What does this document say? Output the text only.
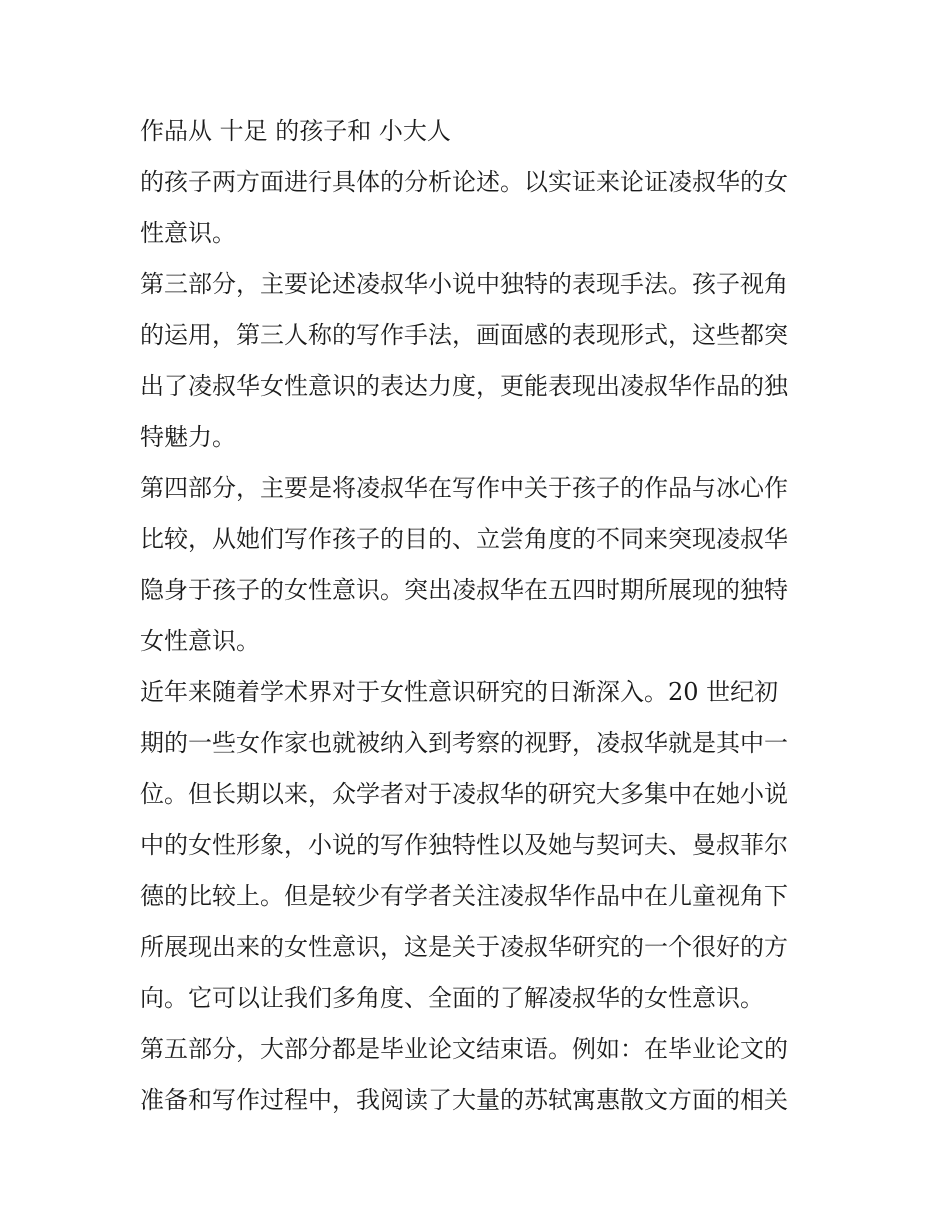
作品从 十足 的孩子和 小大人
的孩子两方面进行具体的分析论述。以实证来论证凌叔华的女
性意识。
第三部分，主要论述凌叔华小说中独特的表现手法。孩子视角
的运用，第三人称的写作手法，画面感的表现形式，这些都突
出了凌叔华女性意识的表达力度，更能表现出凌叔华作品的独
特魅力。
第四部分，主要是将凌叔华在写作中关于孩子的作品与冰心作
比较，从她们写作孩子的目的、立尝角度的不同来突现凌叔华
隐身于孩子的女性意识。突出凌叔华在五四时期所展现的独特
女性意识。
近年来随着学术界对于女性意识研究的日渐深入。20 世纪初
期的一些女作家也就被纳入到考察的视野，凌叔华就是其中一
位。但长期以来，众学者对于凌叔华的研究大多集中在她小说
中的女性形象，小说的写作独特性以及她与契诃夫、曼叔菲尔
德的比较上。但是较少有学者关注凌叔华作品中在儿童视角下
所展现出来的女性意识，这是关于凌叔华研究的一个很好的方
向。它可以让我们多角度、全面的了解凌叔华的女性意识。
第五部分，大部分都是毕业论文结束语。例如：在毕业论文的
准备和写作过程中，我阅读了大量的苏轼寓惠散文方面的相关
